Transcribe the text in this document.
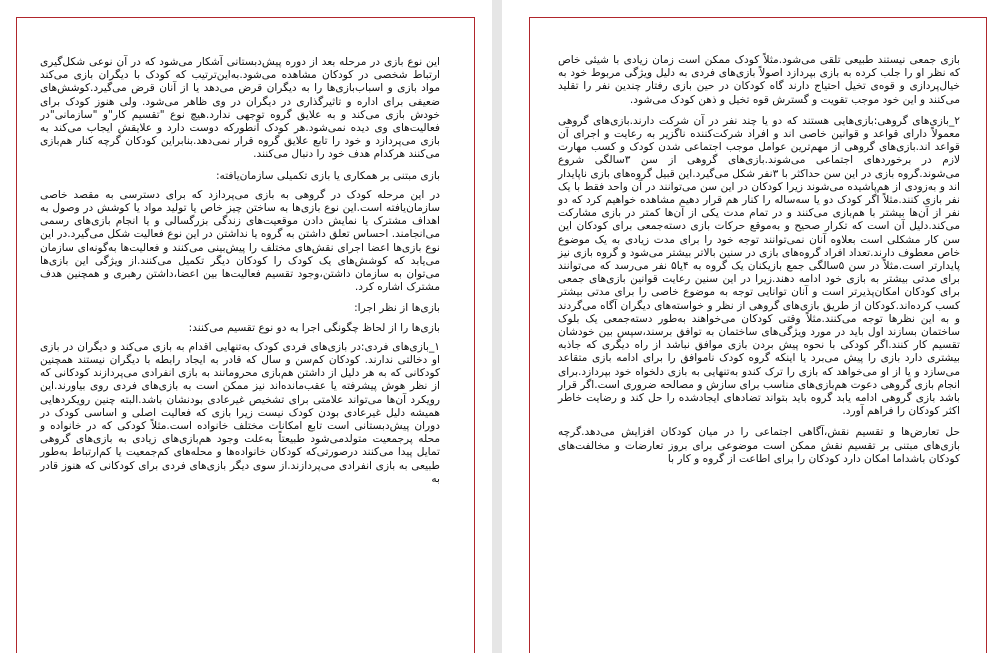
این نوع بازی در مرحله بعد از دوره پیش‌دبستانی آشکار می‌شود که در آن نوعی شکل‌گیری ارتباط شخصی در کودکان مشاهده می‌شود.به‌این‌ترتیب که کودک با دیگران بازی می‌کند مواد بازی و اسباب‌بازی‌ها را به دیگران قرض می‌دهد یا از آنان قرض می‌گیرد.کوشش‌های ضعیفی برای اداره و تاثیرگذاری در دیگران در وی ظاهر می‌شود. ولی هنوز کودک برای خودش بازی می‌کند و به علایق گروه توجهی ندارد.هیچ نوع "تقسیم کار"و "سازمانی"در فعالیت‌های وی دیده نمی‌شود.هر کودک آنطورکه دوست دارد و علایقش ایجاب می‌کند به بازی می‌پردازد و خود را تابع علایق گروه قرار نمی‌دهد.بنابراین کودکان گرچه کنار هم‌بازی می‌کنند هرکدام هدف خود را دنبال می‌کنند.

بازی مبتنی بر همکاری یا بازی تکمیلی سازمان‌یافته:

در این مرحله کودک در گروهی به بازی می‌پردازد که برای دسترسی به مقصد خاصی سازمان‌یافته است.این نوع بازی‌ها به ساختن چیز خاص یا تولید مواد یا کوشش در وصول به اهداف مشترک یا نمایش دادن موقعیت‌های زندگی بزرگسالی و یا انجام بازی‌های رسمی می‌انجامند. احساس تعلق داشتن به گروه یا نداشتن در این نوع فعالیت شکل می‌گیرد.در این نوع بازی‌ها اعضا اجرای نقش‌های مختلف را پیش‌بینی می‌کنند و فعالیت‌ها به‌گونه‌ای سازمان می‌یابد که کوشش‌های یک کودک را کودکان دیگر تکمیل می‌کنند.از ویژگی این بازی‌ها می‌توان به سازمان داشتن،وجود تقسیم فعالیت‌ها بین اعضا،داشتن رهبری و همچنین هدف مشترک اشاره کرد.

بازی‌ها از نظر اجرا:

بازی‌ها را از لحاظ چگونگی اجرا به دو نوع تقسیم می‌کنند:

١_بازی‌های فردی:در بازی‌های فردی کودک به‌تنهایی اقدام به بازی می‌کند و دیگران در بازی او دخالتی ندارند. کودکان کم‌سن و سال که قادر به ایجاد رابطه با دیگران نیستند همچنین کودکانی که به هر دلیل از داشتن هم‌بازی محرومانند به بازی انفرادی می‌پردازند کودکانی که از نظر هوش پیشرفته یا عقب‌مانده‌اند نیز ممکن است به بازی‌های فردی روی بیاورند.این رویکرد آن‌ها می‌تواند علامتی برای تشخیص غیرعادی بودنشان باشد.البته چنین رویکردهایی همیشه دلیل غیرعادی بودن کودک نیست زیرا بازی که فعالیت اصلی و اساسی کودک در دوران پیش‌دبستانی است تابع امکانات مختلف خانواده است.مثلاً کودکی که در خانواده و محله پرجمعیت متولدمی‌شود طبیعتاً به‌علت وجود هم‌بازی‌های زیادی به بازی‌های گروهی تمایل پیدا می‌کنند درصورتی‌که کودکان خانواده‌ها و محله‌های کم‌جمعیت یا کم‌ارتباط به‌طور طبیعی به بازی انفرادی می‌پردازند.از سوی دیگر بازی‌های فردی برای کودکانی که هنوز قادر به

بازی جمعی نیستند طبیعی تلقی می‌شود.مثلاً کودک ممکن است زمان زیادی با شیئی خاص که نظر او را جلب کرده به بازی بپردازد اصولاً بازی‌های فردی به دلیل ویژگی مربوط خود به خیال‌پردازی و قوه‌ی تخیل احتیاج دارند گاه کودکان در حین بازی رفتار چندین نفر را تقلید می‌کنند و این خود موجب تقویت و گسترش قوه تخیل و ذهن کودک می‌شود.

٢_بازی‌های گروهی:بازی‌هایی هستند که دو یا چند نفر در آن شرکت دارند.بازی‌های گروهی معمولاً دارای قواعد و قوانین خاصی اند و افراد شرکت‌کننده ناگزیر به رعایت و اجرای آن قواعد اند.بازی‌های گروهی از مهم‌ترین عوامل موجب اجتماعی شدن کودک و کسب مهارت لازم در برخوردهای اجتماعی می‌شوند.بازی‌های گروهی از سن ٣سالگی شروع می‌شوند.گروه بازی در این سن حداکثر با ٣نفر شکل می‌گیرد.این قبیل گروه‌های بازی ناپایدار اند و به‌زودی از هم‌پاشیده می‌شوند زیرا کودکان در این سن می‌توانند در آن واحد فقط با یک نفر بازی کنند.مثلاً اگر کودک دو یا سه‌ساله را کنار هم قرار دهیم مشاهده خواهیم کرد که دو نفر از آن‌ها بیشتر با هم‌بازی می‌کنند و در تمام مدت یکی از آن‌ها کمتر در بازی مشارکت می‌کند.دلیل آن است که تکرار صحیح و به‌موقع حرکات بازی دسته‌جمعی برای کودکان این سن کار مشکلی است بعلاوه آنان نمی‌توانند توجه خود را برای مدت زیادی به یک موضوع خاص معطوف دارند.تعداد افراد گروه‌های بازی در سنین بالاتر بیشتر می‌شود و گروه بازی نیز پایدارتر است.مثلاً در سن ۵سالگی جمع بازیکنان یک گروه به ۴یا۵ نفر می‌رسد که می‌توانند برای مدتی بیشتر به بازی خود ادامه دهند.زیرا در این سنین رعایت قوانین بازی‌های جمعی برای کودکان امکان‌پذیرتر است و آنان توانایی توجه به موضوع خاصی را برای مدتی بیشتر کسب کرده‌اند.کودکان از طریق بازی‌های گروهی از نظر و خواسته‌های دیگران آگاه می‌گردند و به این نظرها توجه می‌کنند.مثلاً وقتی کودکان می‌خواهند به‌طور دسته‌جمعی یک بلوک ساختمان بسازند اول باید در مورد ویژگی‌های ساختمان به توافق برسند،سپس بین خودشان تقسیم کار کنند.اگر کودکی با نحوه پیش بردن بازی موافق نباشد از راه دیگری که جاذبه بیشتری دارد بازی را پیش می‌برد یا اینکه گروه کودک ناموافق را برای ادامه بازی متقاعد می‌سازد و یا از او می‌خواهد که بازی را ترک کندو به‌تنهایی به بازی دلخواه خود بپردازد.برای انجام بازی گروهی دعوت هم‌بازی‌های مناسب برای سازش و مصالحه ضروری است.اگر قرار باشد بازی گروهی ادامه یابد گروه باید بتواند تضادهای ایجادشده را حل کند و رضایت خاطر اکثر کودکان را فراهم آورد.

حل تعارض‌ها و تقسیم نقش،آگاهی اجتماعی را در میان کودکان افزایش می‌دهد.گرچه بازی‌های مبتنی بر تقسیم نقش ممکن است موضوعی برای بروز تعارضات و مخالفت‌های کودکان باشداما امکان دارد کودکان را برای اطاعت از گروه و کار با
